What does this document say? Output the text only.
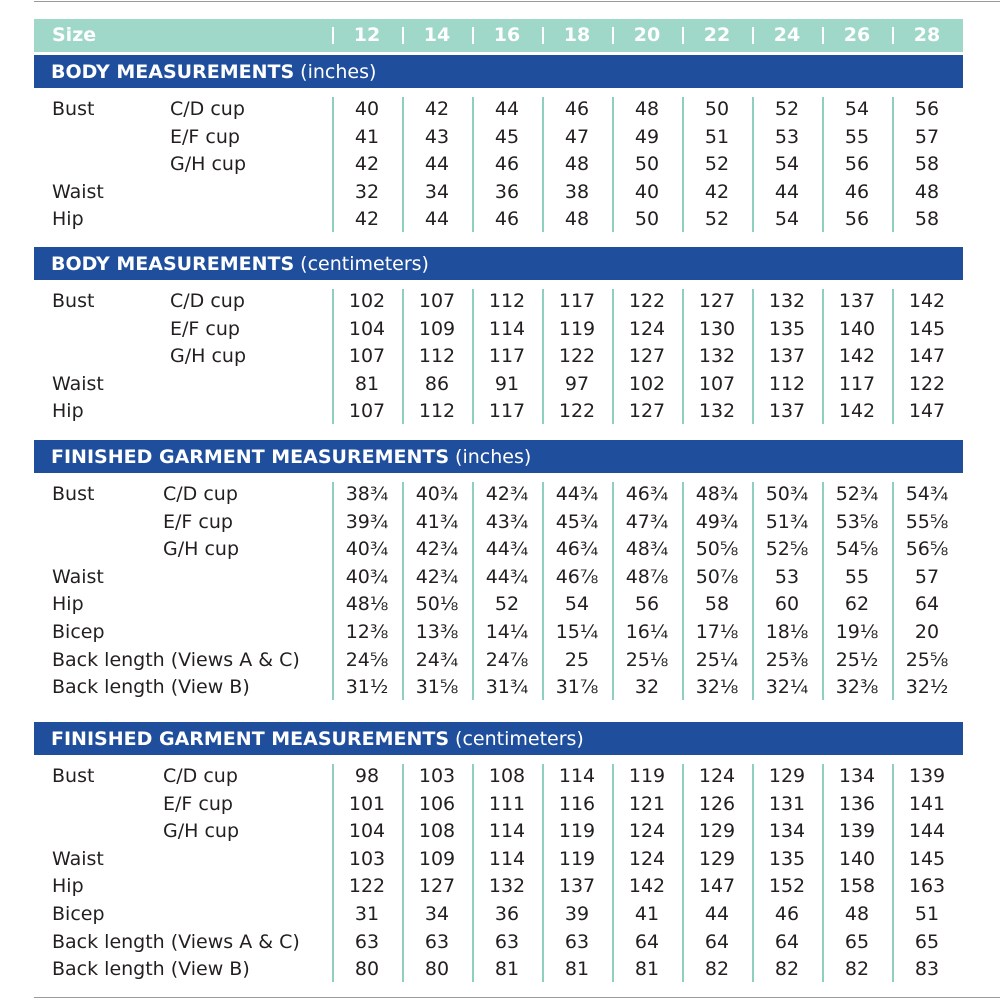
Size	12 14 16 18 20 22 24 26 28
BODY MEASUREMENTS (inches)
Bust	C/D cup	40 42 44 46 48 50 52 54 56
E/F cup	41 43 45 47 49 51 53 55 57
G/H cup	42 44 46 48 50 52 54 56 58
Waist	32 34 36 38 40 42 44 46 48
Hip	42 44 46 48 50 52 54 56 58
BODY MEASUREMENTS (centimeters)
Bust	C/D cup	102 107 112 117 122 127 132 137 142
E/F cup	104 109 114 119 124 130 135 140 145
G/H cup	107 112 117 122 127 132 137 142 147
Waist	81 86 91 97 102 107 112 117 122
Hip	107 112 117 122 127 132 137 142 147
FINISHED GARMENT MEASUREMENTS (inches)
Bust	C/D cup	38¾ 40¾ 42¾ 44¾ 46¾ 48¾ 50¾ 52¾ 54¾
E/F cup	39¾ 41¾ 43¾ 45¾ 47¾ 49¾ 51¾ 53⅝ 55⅝
G/H cup	40¾ 42¾ 44¾ 46¾ 48¾ 50⅝ 52⅝ 54⅝ 56⅝
Waist	40¾ 42¾ 44¾ 46⅞ 48⅞ 50⅞ 53 55 57
Hip	48⅛ 50⅛ 52 54 56 58 60 62 64
Bicep	12⅜ 13⅜ 14¼ 15¼ 16¼ 17⅛ 18⅛ 19⅛ 20
Back length (Views A & C) 24⅝ 24¾ 24⅞ 25 25⅛ 25¼ 25⅜ 25½ 25⅝
Back length (View B)	31½ 31⅝ 31¾ 31⅞ 32 32⅛ 32¼ 32⅜ 32½
FINISHED GARMENT MEASUREMENTS (centimeters)
Bust	C/D cup	98 103 108 114 119 124 129 134 139
E/F cup	101 106 111 116 121 126 131 136 141
G/H cup	104 108 114 119 124 129 134 139 144
Waist	103 109 114 119 124 129 135 140 145
Hip	122 127 132 137 142 147 152 158 163
Bicep	31 34 36 39 41 44 46 48 51
Back length (Views A & C)	63 63 63 63 64 64 64 65 65
Back length (View B)	80 80 81 81 81 82 82 82 83
